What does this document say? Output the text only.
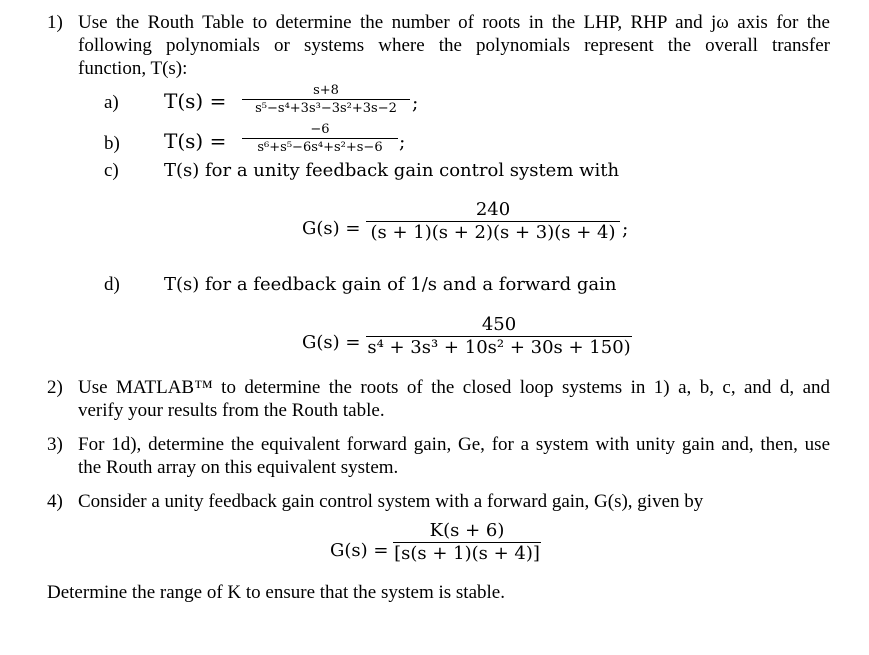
1) Use the Routh Table to determine the number of roots in the LHP, RHP and jω axis for the
following polynomials or systems where the polynomials represent the overall transfer
function, T(s):
a) T(s) =	s+8
s⁵−s⁴+3s³−3s²+3s−2 ;
b) T(s) =	−6
s⁶+s⁵−6s⁴+s²+s−6 ;
c)	T(s) for a unity feedback gain control system with
G(s) =
240
(s + 1)(s + 2)(s + 3)(s + 4) ;
d) T(s) for a feedback gain of 1/s and a forward gain
G(s) =
450
s⁴ + 3s³ + 10s² + 30s + 150)
2) Use MATLAB™ to determine the roots of the closed loop systems in 1) a, b, c, and d, and
verify your results from the Routh table.
3) For 1d), determine the equivalent forward gain, Ge, for a system with unity gain and, then, use
the Routh array on this equivalent system.
4) Consider a unity feedback gain control system with a forward gain, G(s), given by
G(s) =
K(s + 6)
[s(s + 1)(s + 4)]
Determine the range of K to ensure that the system is stable.
